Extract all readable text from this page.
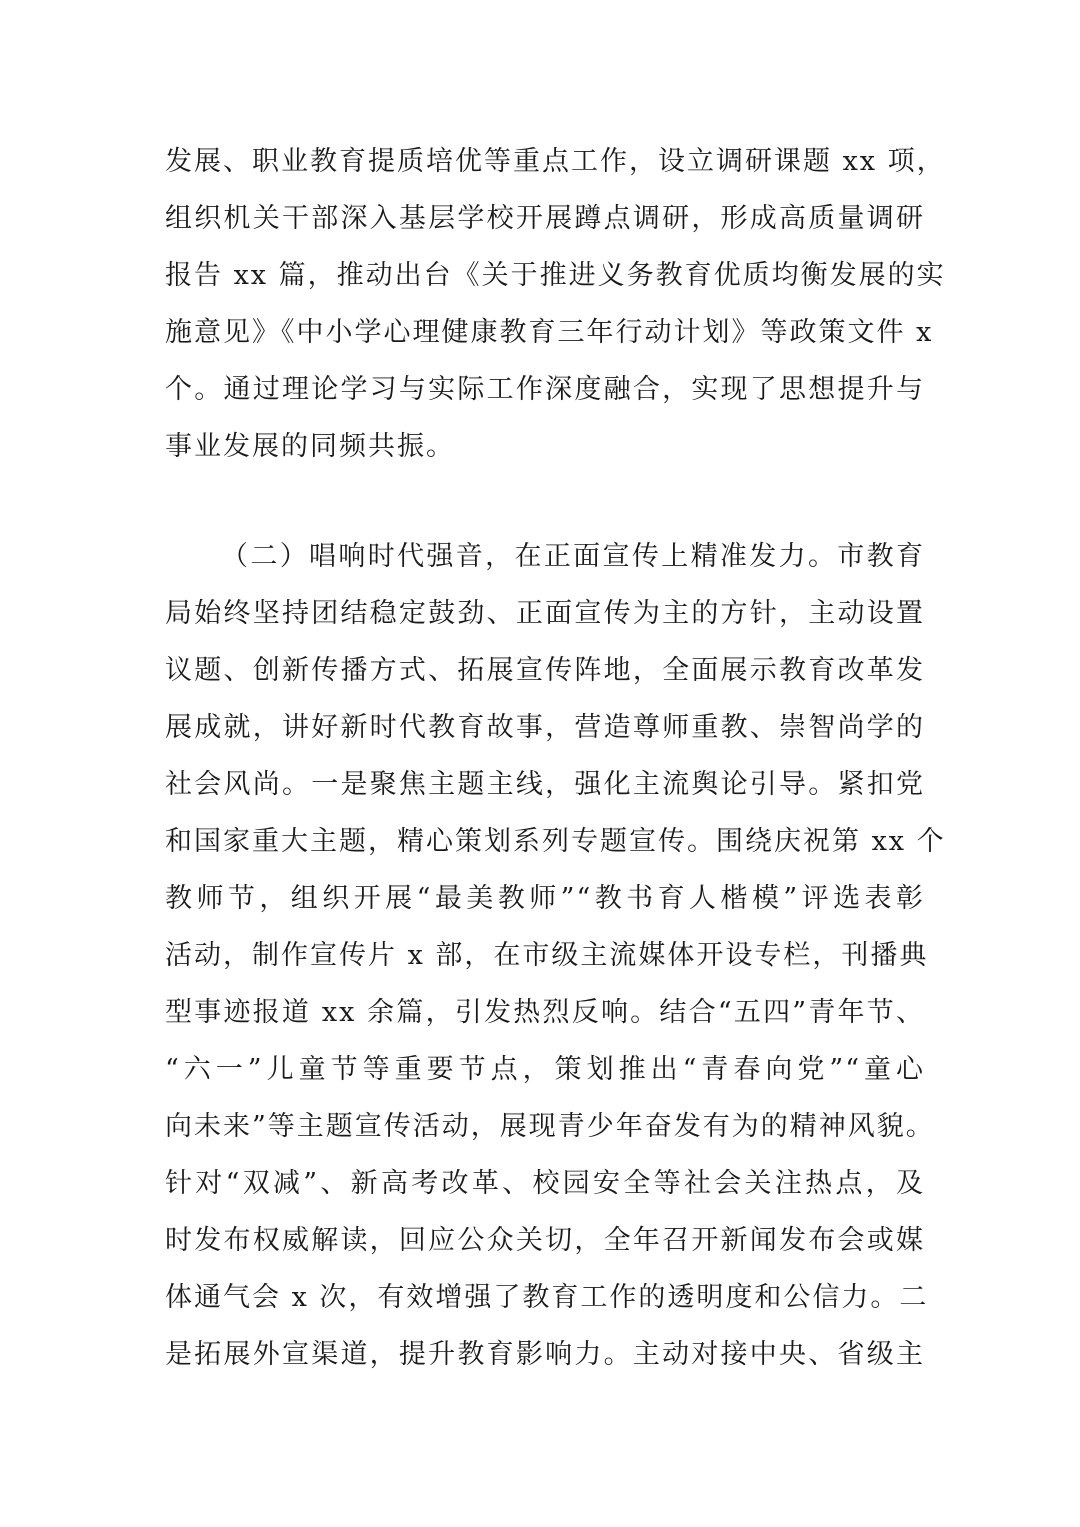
发展、职业教育提质培优等重点工作，设立调研课题 xx 项，
组织机关干部深入基层学校开展蹲点调研，形成高质量调研
报告 xx 篇，推动出台《关于推进义务教育优质均衡发展的实
施意见》《中小学心理健康教育三年行动计划》等政策文件 x
个。通过理论学习与实际工作深度融合，实现了思想提升与
事业发展的同频共振。
（二）唱响时代强音，在正面宣传上精准发力。市教育
局始终坚持团结稳定鼓劲、正面宣传为主的方针，主动设置
议题、创新传播方式、拓展宣传阵地，全面展示教育改革发
展成就，讲好新时代教育故事，营造尊师重教、崇智尚学的
社会风尚。一是聚焦主题主线，强化主流舆论引导。紧扣党
和国家重大主题，精心策划系列专题宣传。围绕庆祝第 xx 个
教师节，组织开展“最美教师”“教书育人楷模”评选表彰
活动，制作宣传片 x 部，在市级主流媒体开设专栏，刊播典
型事迹报道 xx 余篇，引发热烈反响。结合“五四”青年节、
“六一”儿童节等重要节点，策划推出“青春向党”“童心
向未来”等主题宣传活动，展现青少年奋发有为的精神风貌。
针对“双减”、新高考改革、校园安全等社会关注热点，及
时发布权威解读，回应公众关切，全年召开新闻发布会或媒
体通气会 x 次，有效增强了教育工作的透明度和公信力。二
是拓展外宣渠道，提升教育影响力。主动对接中央、省级主
